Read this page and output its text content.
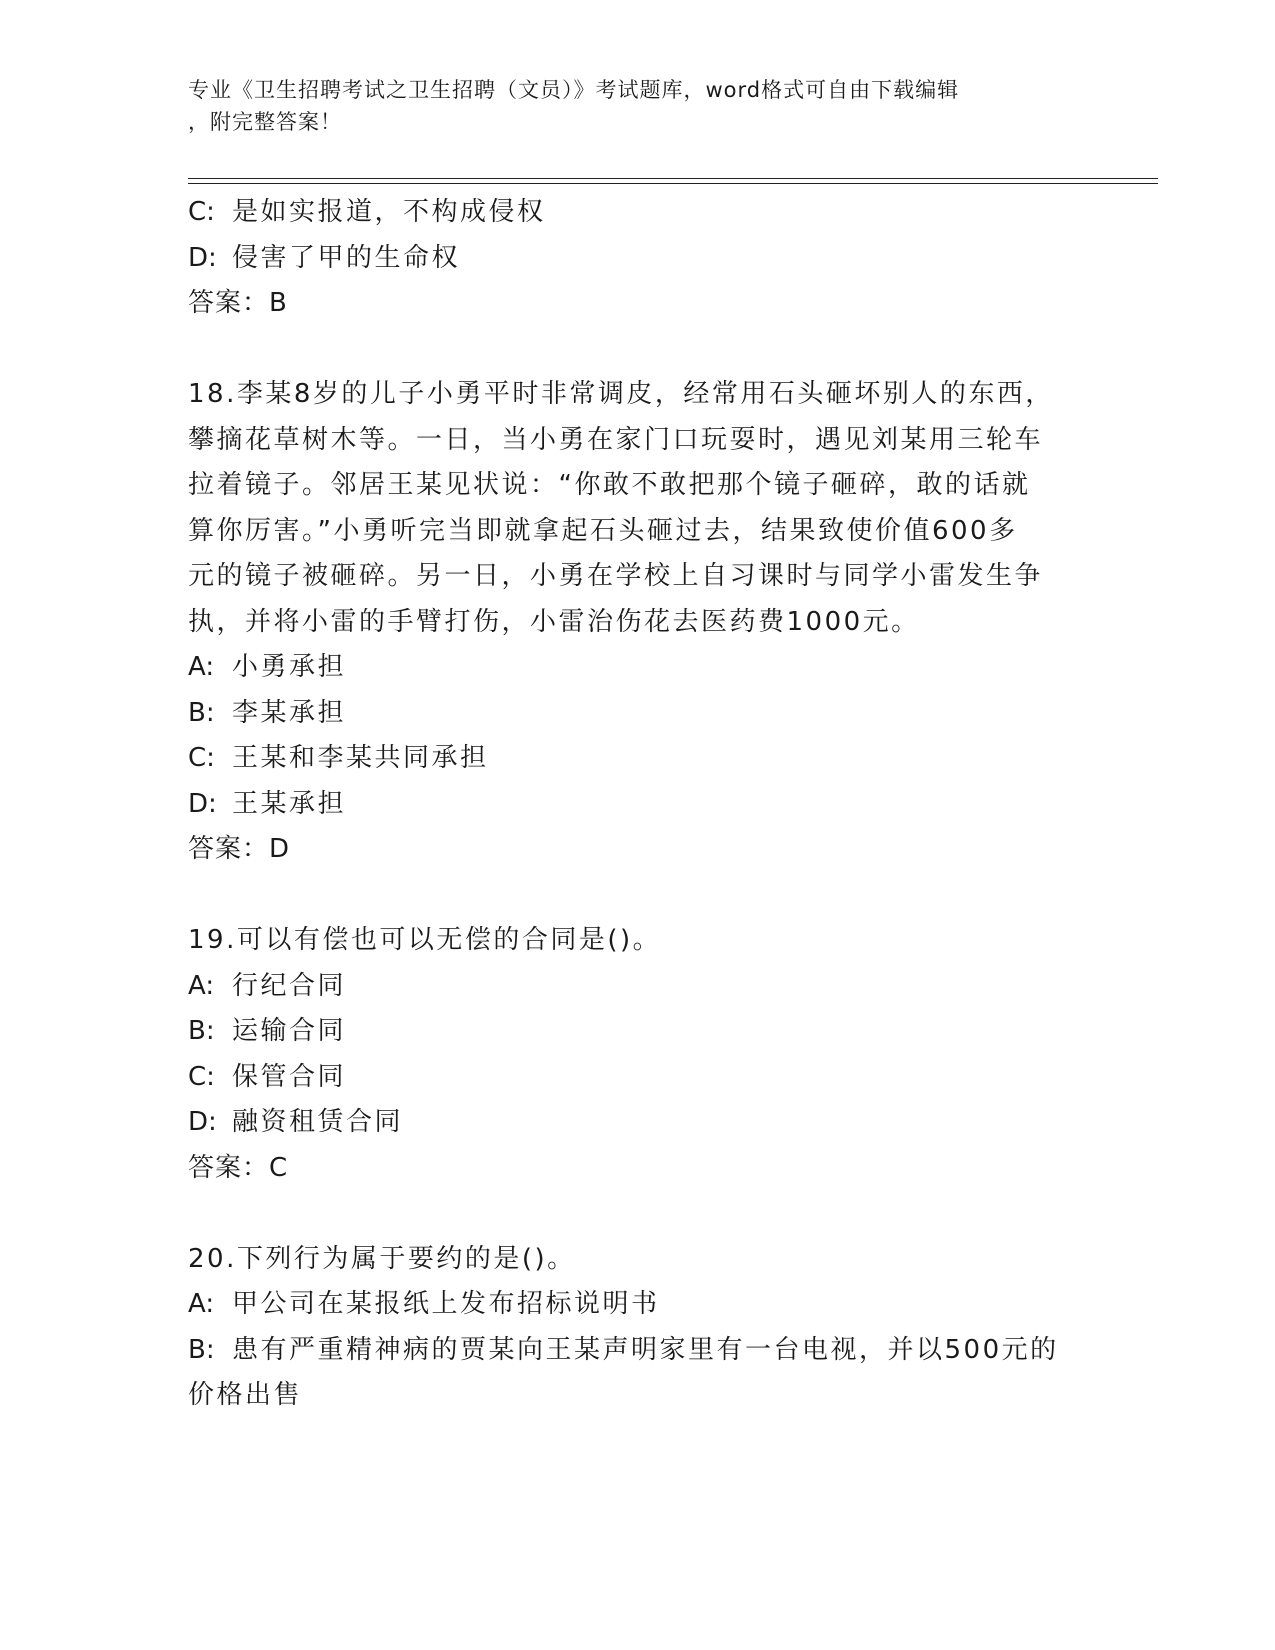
专业《卫生招聘考试之卫生招聘（文员）》考试题库，word格式可自由下载编辑
，附完整答案！
C: 是如实报道，不构成侵权
D: 侵害了甲的生命权
答案：B
18.李某8岁的儿子小勇平时非常调皮，经常用石头砸坏别人的东西，
攀摘花草树木等。一日，当小勇在家门口玩耍时，遇见刘某用三轮车
拉着镜子。邻居王某见状说：“你敢不敢把那个镜子砸碎，敢的话就
算你厉害。”小勇听完当即就拿起石头砸过去，结果致使价值600多
元的镜子被砸碎。另一日，小勇在学校上自习课时与同学小雷发生争
执，并将小雷的手臂打伤，小雷治伤花去医药费1000元。
A: 小勇承担
B: 李某承担
C: 王某和李某共同承担
D: 王某承担
答案：D
19.可以有偿也可以无偿的合同是()。
A: 行纪合同
B: 运输合同
C: 保管合同
D: 融资租赁合同
答案：C
20.下列行为属于要约的是()。
A: 甲公司在某报纸上发布招标说明书
B: 患有严重精神病的贾某向王某声明家里有一台电视，并以500元的
价格出售
